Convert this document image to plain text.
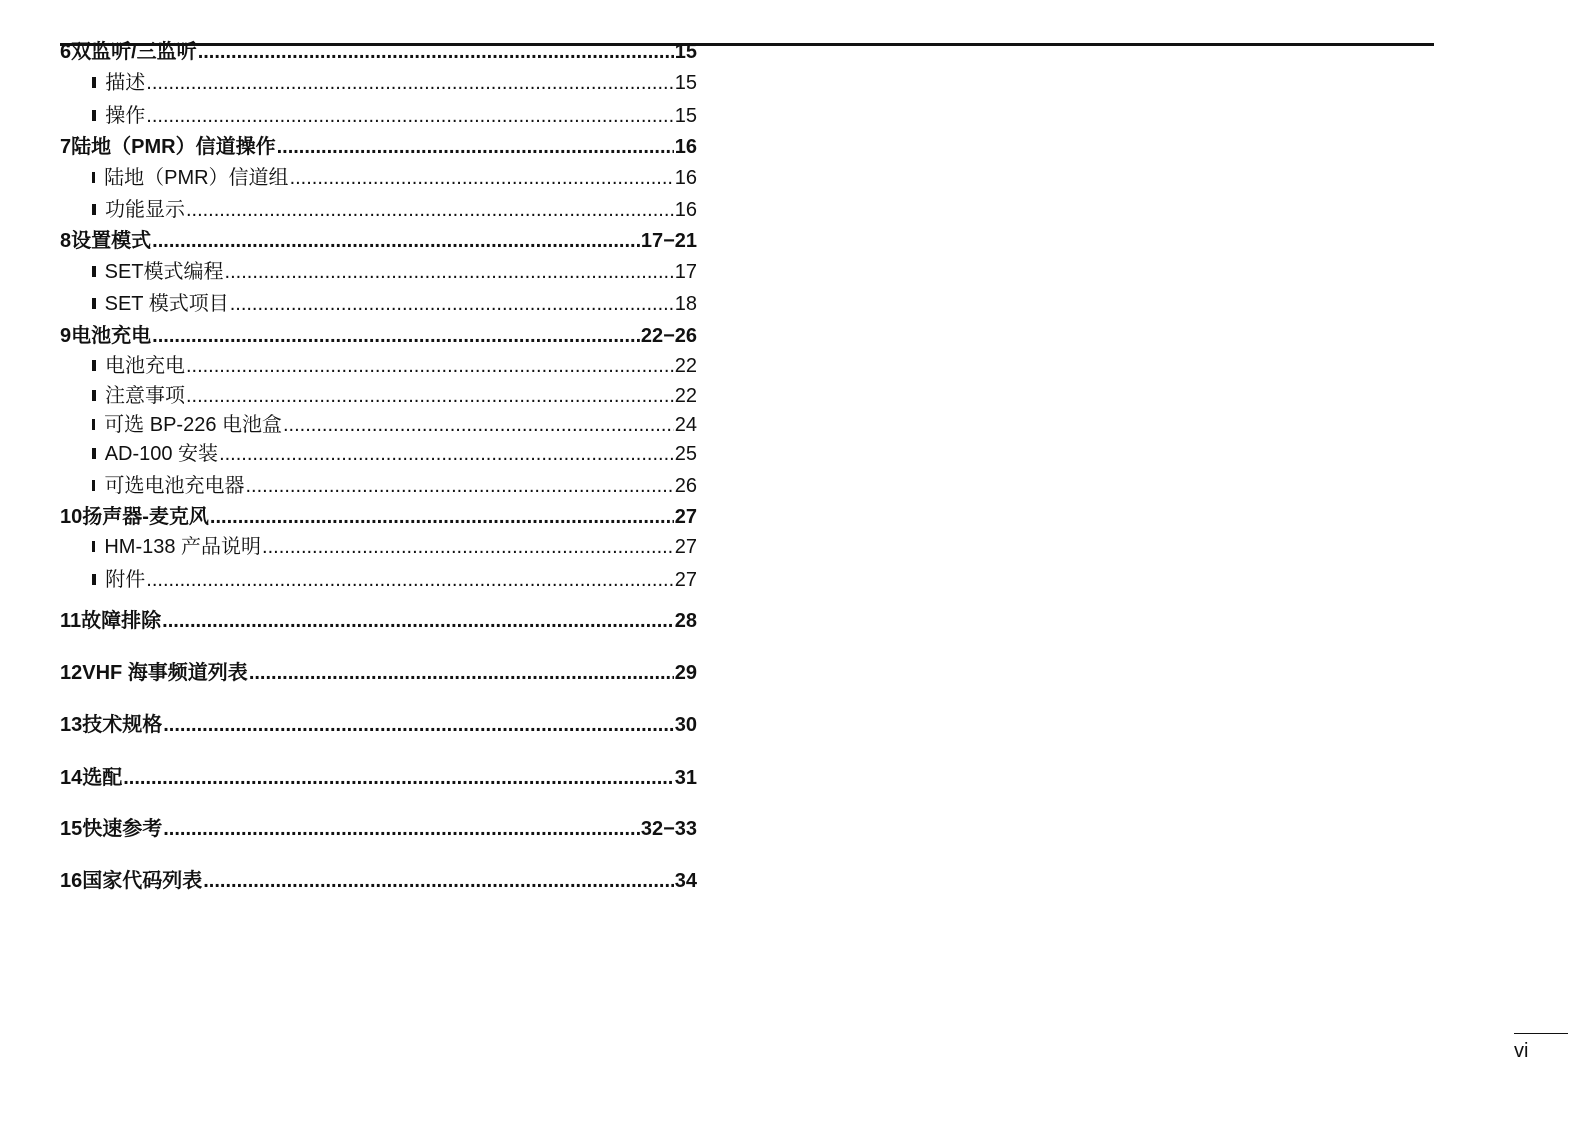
6 双监听/三监听 .....	15
描述 .....	15
操作 .....	15
7 陆地（PMR）信道操作 .....	16
陆地（PMR）信道组 .....	16
功能显示 .....	16
8 设置模式 .....	17−21
SET模式编程 .....	17
SET 模式项目 .....	18
9 电池充电 .....	22−26
电池充电 .....	22
注意事项 .....	22
可选 BP-226 电池盒 .....	24
AD-100 安装 .....	25
可选电池充电器 .....	26
10 扬声器-麦克风 .....	27
HM-138 产品说明 .....	27
附件 .....	27
11 故障排除 .....	28
12 VHF 海事频道列表 .....	29
13 技术规格 .....	30
14 选配 .....	31
15 快速参考 .....	32−33
16 国家代码列表 .....	34
vi
